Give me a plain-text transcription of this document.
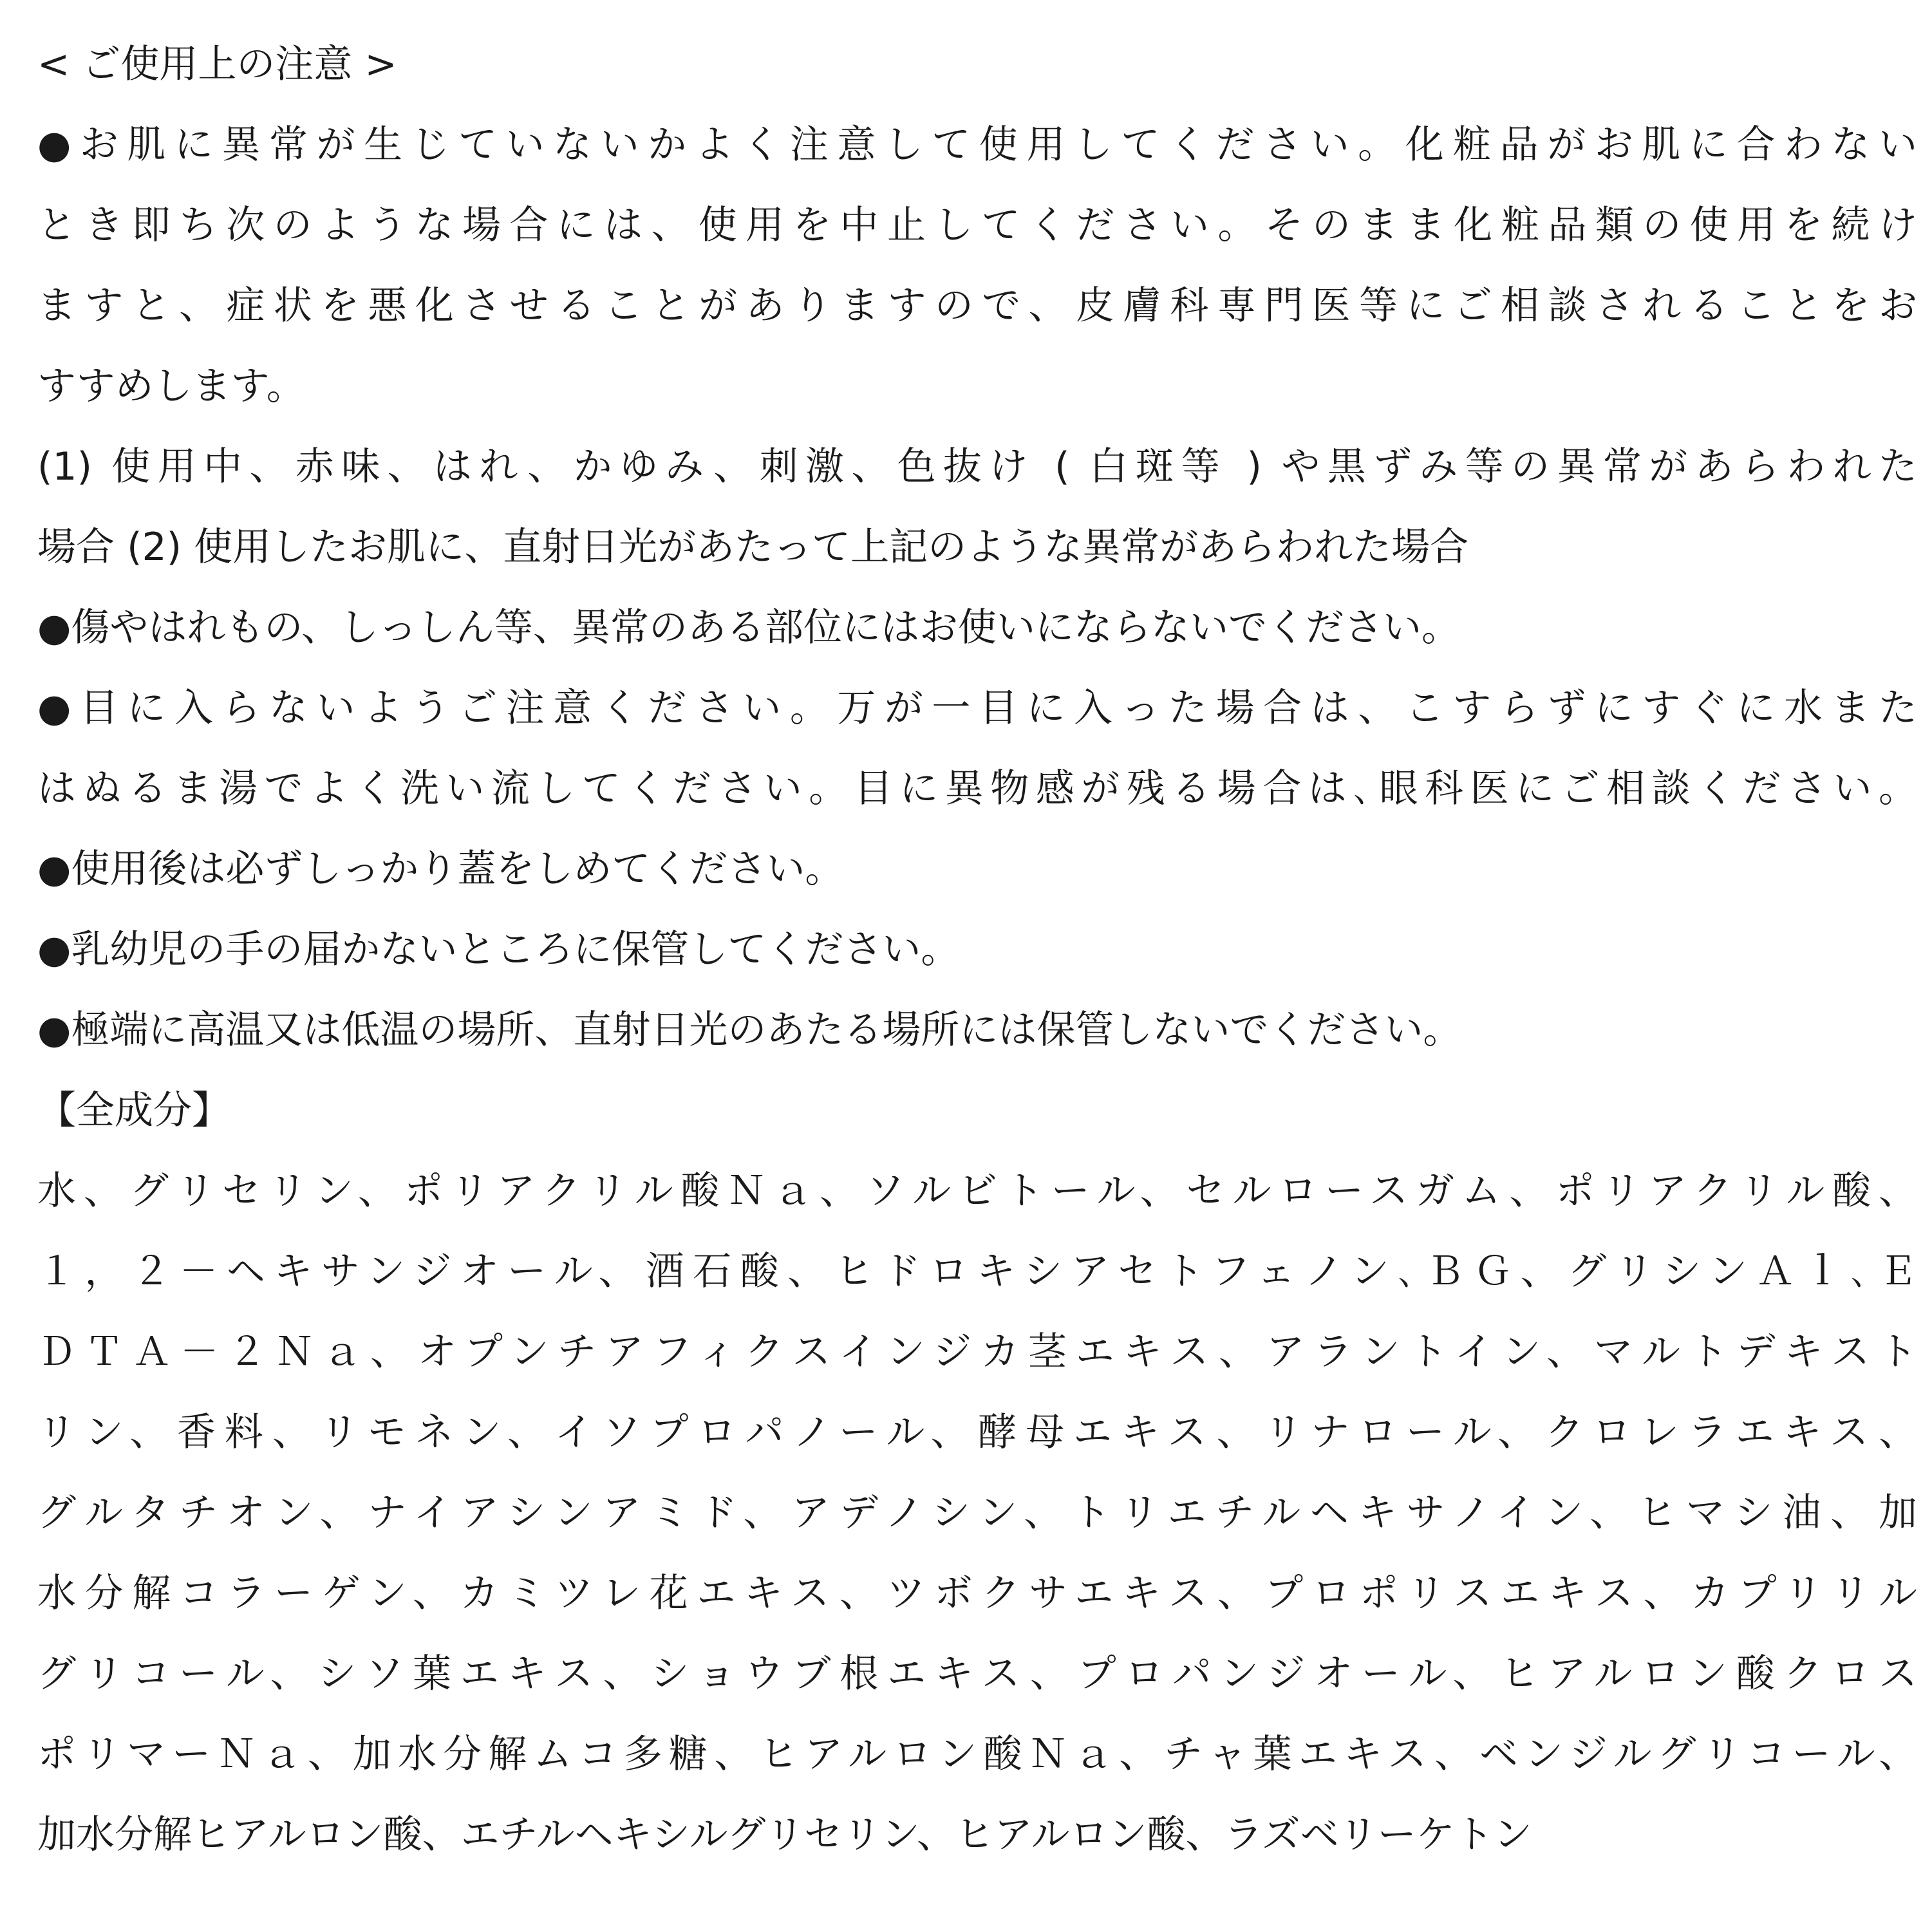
< ご使用上の注意 >
●お肌に異常が生じていないかよく注意して使用してください。化粧品がお肌に合わない
とき即ち次のような場合には、使用を中止してください。そのまま化粧品類の使用を続け
ますと、症状を悪化させることがありますので、皮膚科専門医等にご相談されることをお
すすめします。
(1) 使用中、赤味、はれ、かゆみ、刺激、色抜け ( 白斑等 ) や黒ずみ等の異常があらわれた
場合 (2) 使用したお肌に、直射日光があたって上記のような異常があらわれた場合
●傷やはれもの、しっしん等、異常のある部位にはお使いにならないでください。
●目に入らないようご注意ください。万が一目に入った場合は、こすらずにすぐに水また
はぬるま湯でよく洗い流してください。目に異物感が残る場合は､眼科医にご相談ください。
●使用後は必ずしっかり蓋をしめてください。
●乳幼児の手の届かないところに保管してください。
●極端に高温又は低温の場所、直射日光のあたる場所には保管しないでください。
【全成分】
水、グリセリン、ポリアクリル酸Ｎａ、ソルビトール、セルロースガム、ポリアクリル酸、
１，２－ヘキサンジオール、酒石酸、ヒドロキシアセトフェノン､ＢＧ、グリシンＡｌ､Ｅ
ＤＴＡ－２Ｎａ、オプンチアフィクスインジカ茎エキス、アラントイン、マルトデキスト
リン、香料、リモネン、イソプロパノール、酵母エキス、リナロール、クロレラエキス、
グルタチオン、ナイアシンアミド、アデノシン、トリエチルヘキサノイン、ヒマシ油、加
水分解コラーゲン、カミツレ花エキス、ツボクサエキス、プロポリスエキス、カプリリル
グリコール、シソ葉エキス、ショウブ根エキス、プロパンジオール、ヒアルロン酸クロス
ポリマーＮａ、加水分解ムコ多糖、ヒアルロン酸Ｎａ、チャ葉エキス、ベンジルグリコール、
加水分解ヒアルロン酸、エチルヘキシルグリセリン、ヒアルロン酸、ラズベリーケトン
